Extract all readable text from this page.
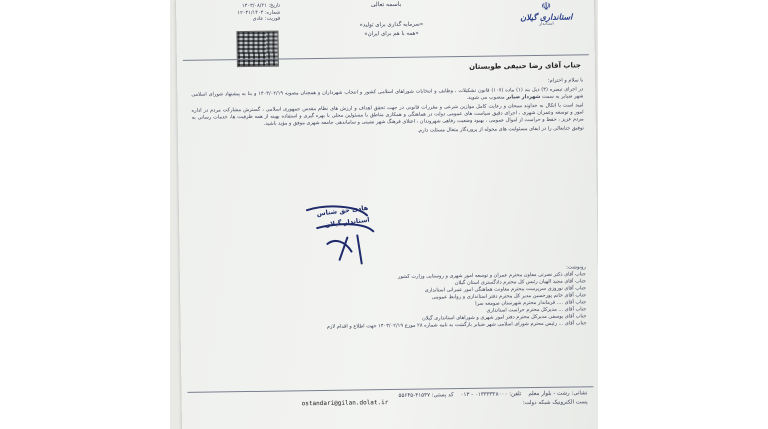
باسمه تعالی
تاریخ: ۱۴۰۳/۰۸/۲۱
شماره: ۱۲۰۴۱/۱۴۰۳
فوریت: عادی
«سرمایه گذاری برای تولید»
«همه با هم برای ایران»
☫
استانداری گیلان
استاندار
جناب آقای رضا حنیفی طوبستان

با سلام و احترام؛

در اجرای تبصره (۳) ذیل بند (۱) ماده (۱۰۷) قانون تشکیلات ، وظایف و انتخابات شوراهای اسلامی کشور و انتخاب شهرداران و همچنان مصوبه ۱۴۰۳/۰۲/۱۹ و بنا به پیشنهاد شورای اسلامی شهر ضیابر به سمت شهردار ضیابر منصوب می شوید.

امید است با اتکال به خداوند سبحان و رعایت کامل موازین شرعی و مقررات قانونی در جهت تحقق اهداف و ارزش های نظام مقدس جمهوری اسلامی ، گسترش مشارکت مردم در اداره امور و توسعه وعمران شهری ، اجرای دقیق سیاست های عمومی دولت در هماهنگی و همکاری مناطق با مسئولین محلی با بهره گیری و استفاده بهینه از همه ظرفیت ها، خدمات رسانی به مردم عزیز ، حفظ و حراست از اموال عمومی ، بهبود وضعیت رفاهی شهروندان ، اعتلای فرهنگ شهر نشینی و ساماندهی جامعه شهری موفق و مؤید باشید.

توفیق جنابعالی را در ایفای مسئولیت های محوله از پروردگار متعال مسئلت دارم.

هادی حق شناس
استاندار گیلان
رونوشت:
جناب آقای دکتر نصرتی معاون محترم عمران و توسعه امور شهری و روستایی وزارت کشور
جناب آقای مجید الهیان رئیس کل محترم دادگستری استان گیلان
جناب آقای نوروزی سرپرست محترم معاونت هماهنگی امور عمرانی استانداری
جناب آقای خانم پورحسین مدیر کل محترم دفتر استانداری و روابط عمومی
جناب آقای .... فرماندار محترم شهرستان صومعه سرا
جناب آقای ... مدیرکل محترم حراست استانداری
جناب آقای یوسفی مدیرکل محترم دفتر امور شهری و شوراهای استانداری گیلان
جناب آقای ... رئیس محترم شورای اسلامی شهر ضیابر بازگشت به نامه شماره ۲۸ مورخ ۱۴۰۳/۰۲/۱۹ جهت اطلاع و اقدام لازم
نشانی: رشت - بلوار معلم    تلفن: ۰۱۳۳۳۳۲۸۰۰۰ - ۰۱۳    کد پستی: ۴۱۵۳۷-۵۵۶۴۵
پست الکترونیک شبکه دولت:
ostandari@gilan.dolat.ir
